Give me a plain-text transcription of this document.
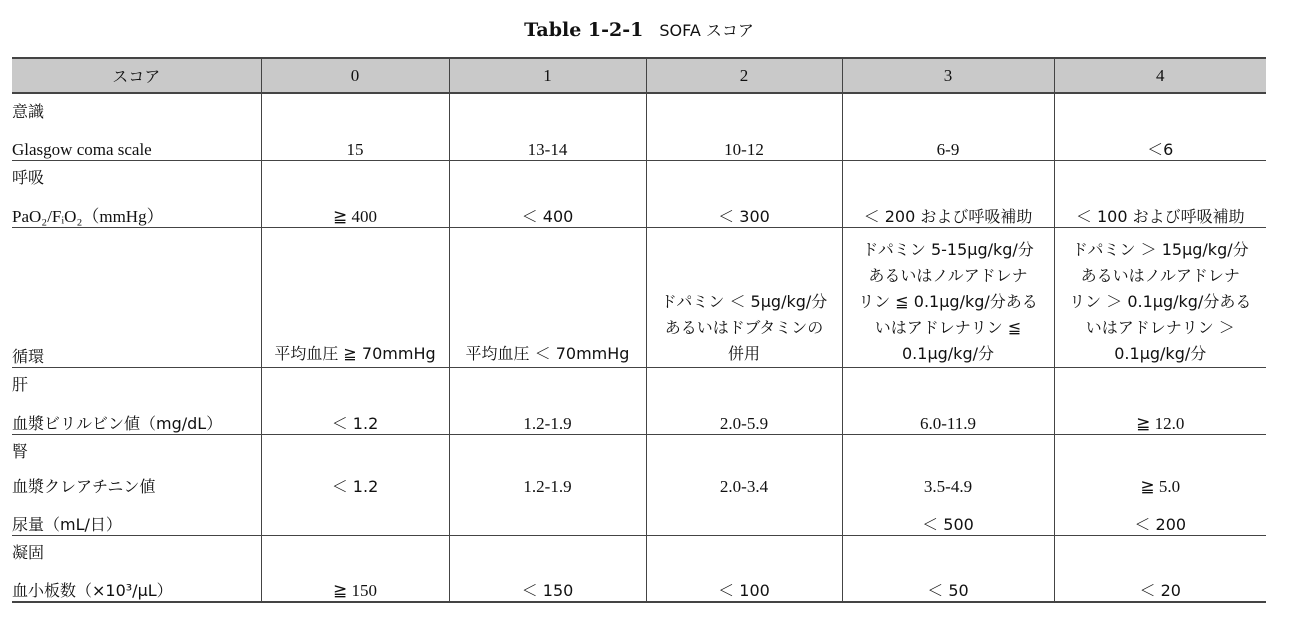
Table 1-2-1 SOFA スコア
スコア	0	1	2	3	4
意識					
Glasgow coma scale	15	13-14	10-12	6-9	＜6
呼吸					
PaO₂/FᵢO₂（mmHg）	≧ 400	＜ 400	＜ 300	＜ 200 および呼吸補助	＜ 100 および呼吸補助
循環	平均血圧 ≧ 70mmHg	平均血圧 ＜ 70mmHg	ドパミン ＜ 5μg/kg/分
あるいはドブタミンの
併用	ドパミン 5-15μg/kg/分
あるいはノルアドレナ
リン ≦ 0.1μg/kg/分ある
いはアドレナリン ≦
0.1μg/kg/分	ドパミン ＞ 15μg/kg/分
あるいはノルアドレナ
リン ＞ 0.1μg/kg/分ある
いはアドレナリン ＞
0.1μg/kg/分

肝					
血漿ビリルビン値（mg/dL）	＜ 1.2	1.2-1.9	2.0-5.9	6.0-11.9	≧ 12.0
腎					
血漿クレアチニン値	＜ 1.2	1.2-1.9	2.0-3.4	3.5-4.9	≧ 5.0
尿量（mL/日）				＜ 500	＜ 200
凝固					
血小板数（×10³/μL）	≧ 150	＜ 150	＜ 100	＜ 50	＜ 20
